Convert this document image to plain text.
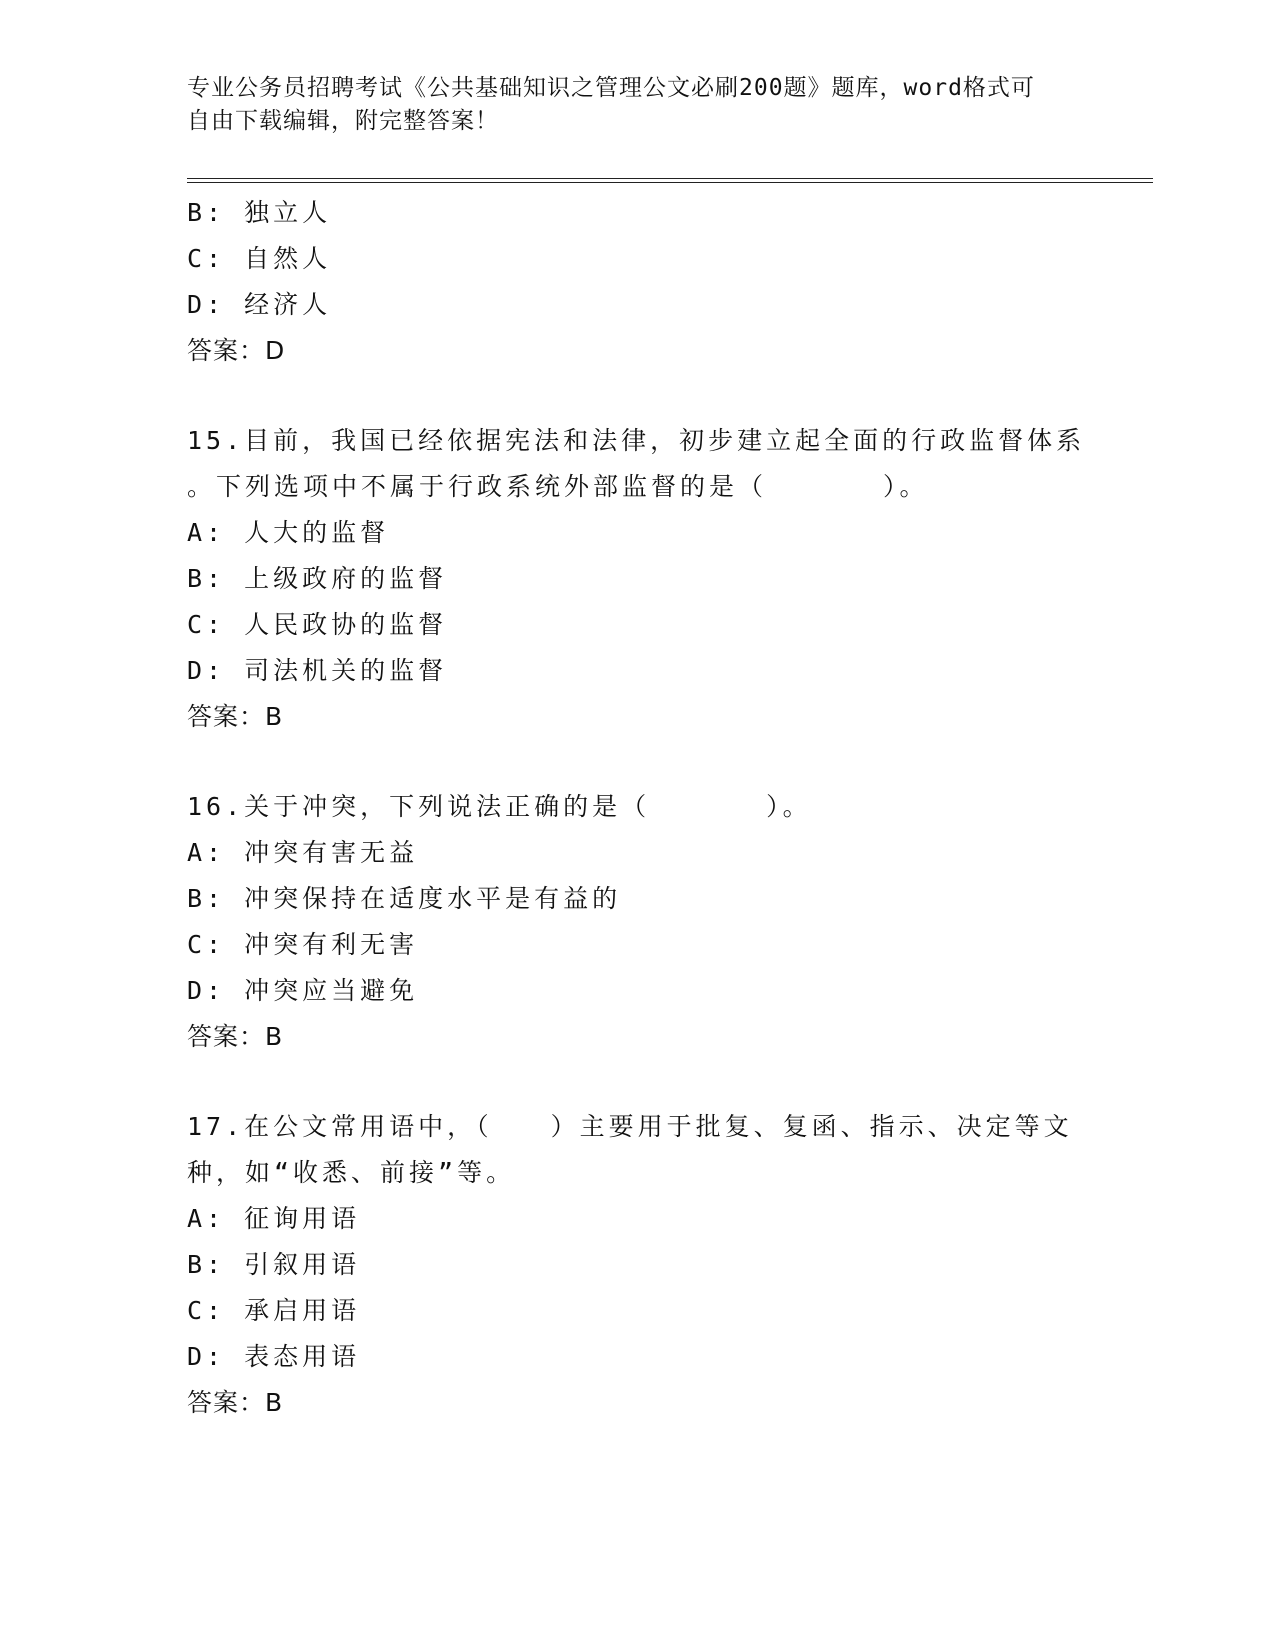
专业公务员招聘考试《公共基础知识之管理公文必刷200题》题库，word格式可
自由下载编辑，附完整答案！
B: 独立人
C: 自然人
D: 经济人
答案：D
15.目前，我国已经依据宪法和法律，初步建立起全面的行政监督体系
。下列选项中不属于行政系统外部监督的是（　　　　）。
A: 人大的监督
B: 上级政府的监督
C: 人民政协的监督
D: 司法机关的监督
答案：B
16.关于冲突，下列说法正确的是（　　　　）。
A: 冲突有害无益
B: 冲突保持在适度水平是有益的
C: 冲突有利无害
D: 冲突应当避免
答案：B
17.在公文常用语中，（　　）主要用于批复、复函、指示、决定等文
种，如“收悉、前接”等。
A: 征询用语
B: 引叙用语
C: 承启用语
D: 表态用语
答案：B
